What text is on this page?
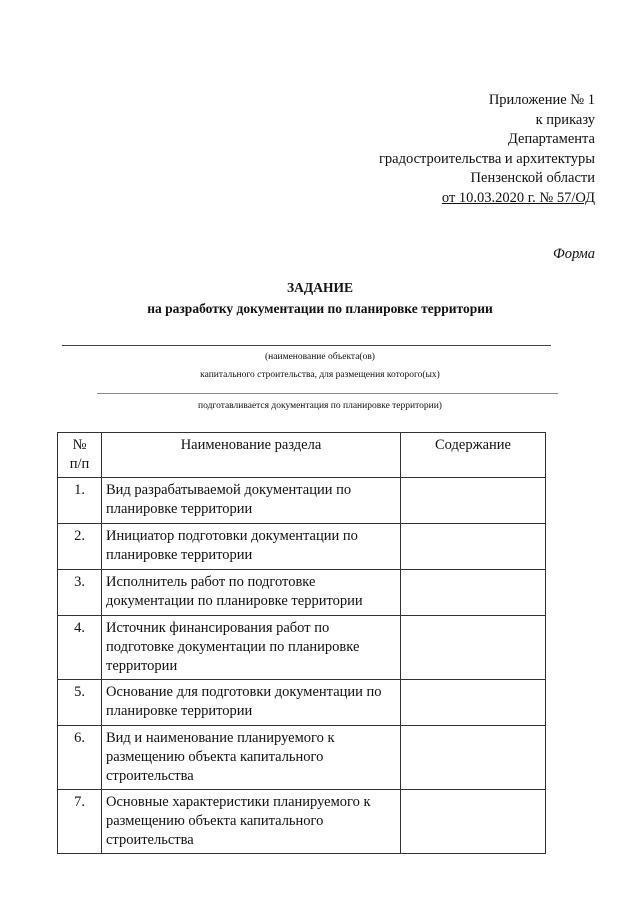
Приложение № 1
к приказу
Департамента
градостроительства и архитектуры
Пензенской области
от 10.03.2020 г. № 57/ОД
Форма
ЗАДАНИЕ
на разработку документации по планировке территории
(наименование объекта(ов)
капитального строительства, для размещения которого(ых)
подготавливается документация по планировке территории)
№ п/п	Наименование раздела	Содержание

1.	Вид разрабатываемой документации по планировке территории	

2.	Инициатор подготовки документации по планировке территории	

3.	Исполнитель работ по подготовке документации по планировке территории	

4.	Источник финансирования работ по подготовке документации по планировке территории	

5.	Основание для подготовки документации по планировке территории	

6.	Вид и наименование планируемого к размещению объекта капитального строительства	

7.	Основные характеристики планируемого к размещению объекта капитального строительства	
